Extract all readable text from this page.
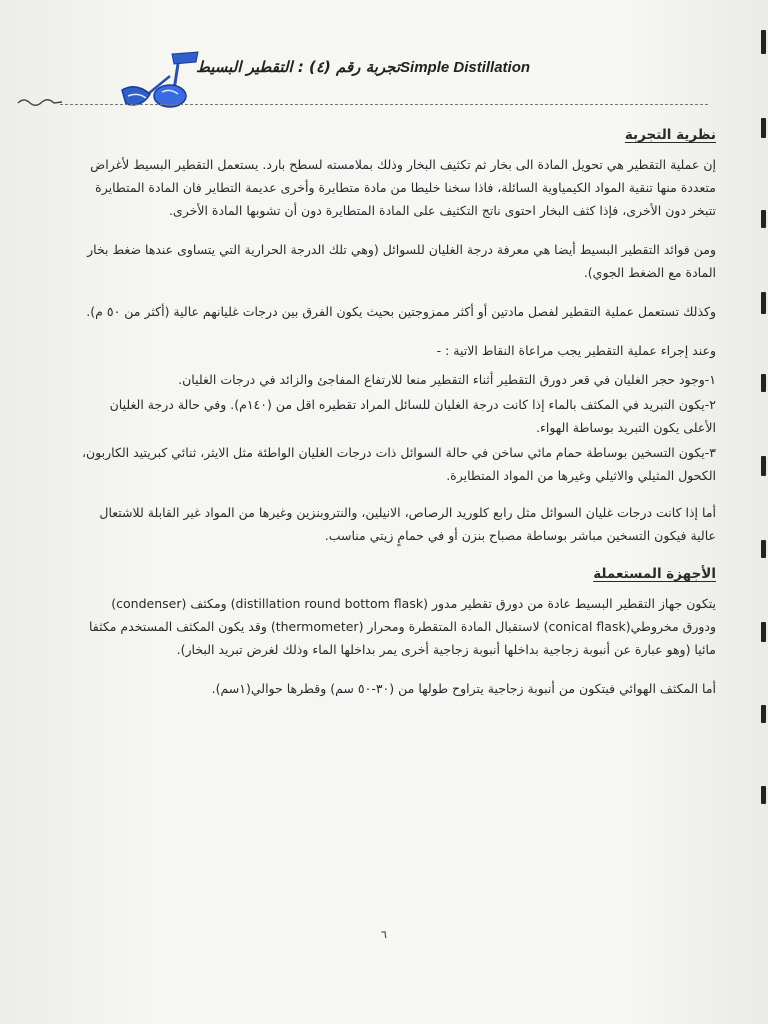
Simple Distillationتجربة رقم (٤) : التقطير البسيط
نظرية التجربة

إن عملية التقطير هي تحويل المادة الى بخار ثم تكثيف البخار وذلك بملامسته لسطح بارد. يستعمل التقطير البسيط لأغراض متعددة منها تنقية المواد الكيمياوية السائلة، فاذا سخنا خليطا من مادة متطايرة وأخرى عديمة التطاير فان المادة المتطايرة تتبخر دون الأخرى، فإذا كثف البخار احتوى ناتج التكثيف على المادة المتطايرة دون أن تشوبها المادة الأخرى.

ومن فوائد التقطير البسيط أيضا هي معرفة درجة الغليان للسوائل (وهي تلك الدرجة الحرارية التي يتساوى عندها ضغط بخار المادة مع الضغط الجوي).

وكذلك تستعمل عملية التقطير لفصل مادتين أو أكثر ممزوجتين بحيث يكون الفرق بين درجات غليانهم عالية (أكثر من ٥٠ م).

وعند إجراء عملية التقطير يجب مراعاة النقاط الاتية : -

١-وجود حجر الغليان في قعر دورق التقطير أثناء التقطير منعا للارتفاع المفاجئ والزائد في درجات الغليان.
٢-يكون التبريد في المكثف بالماء إذا كانت درجة الغليان للسائل المراد تقطيره اقل من (١٤٠م). وفي حالة درجة الغليان الأعلى يكون التبريد بوساطة الهواء.
٣-يكون التسخين بوساطة حمام مائي ساخن في حالة السوائل ذات درجات الغليان الواطئة مثل الايثر، ثنائي كبريتيد الكاربون، الكحول المثيلي والاثيلي وغيرها من المواد المتطايرة.

أما إذا كانت درجات غليان السوائل مثل رابع كلوريد الرصاص، الانيلين، والنتروبنزين وغيرها من المواد غير القابلة للاشتعال عالية فيكون التسخين مباشر بوساطة مصباح بنزن أو في حمامٍ زيتي مناسب.

الأجهزة المستعملة

يتكون جهاز التقطير البسيط عادة من دورق تقطير مدور (distillation round bottom flask) ومكثف (condenser) ودورق مخروطي(conical flask) لاستقبال المادة المتقطرة ومحرار (thermometer) وقد يكون المكثف المستخدم مكثفا مائيا (وهو عبارة عن أنبوبة زجاجية بداخلها أنبوبة زجاجية أخرى يمر بداخلها الماء وذلك لغرض تبريد البخار).

أما المكثف الهوائي فيتكون من أنبوبة زجاجية يتراوح طولها من (٣٠-٥٠ سم) وقطرها حوالي(١سم).

٦
